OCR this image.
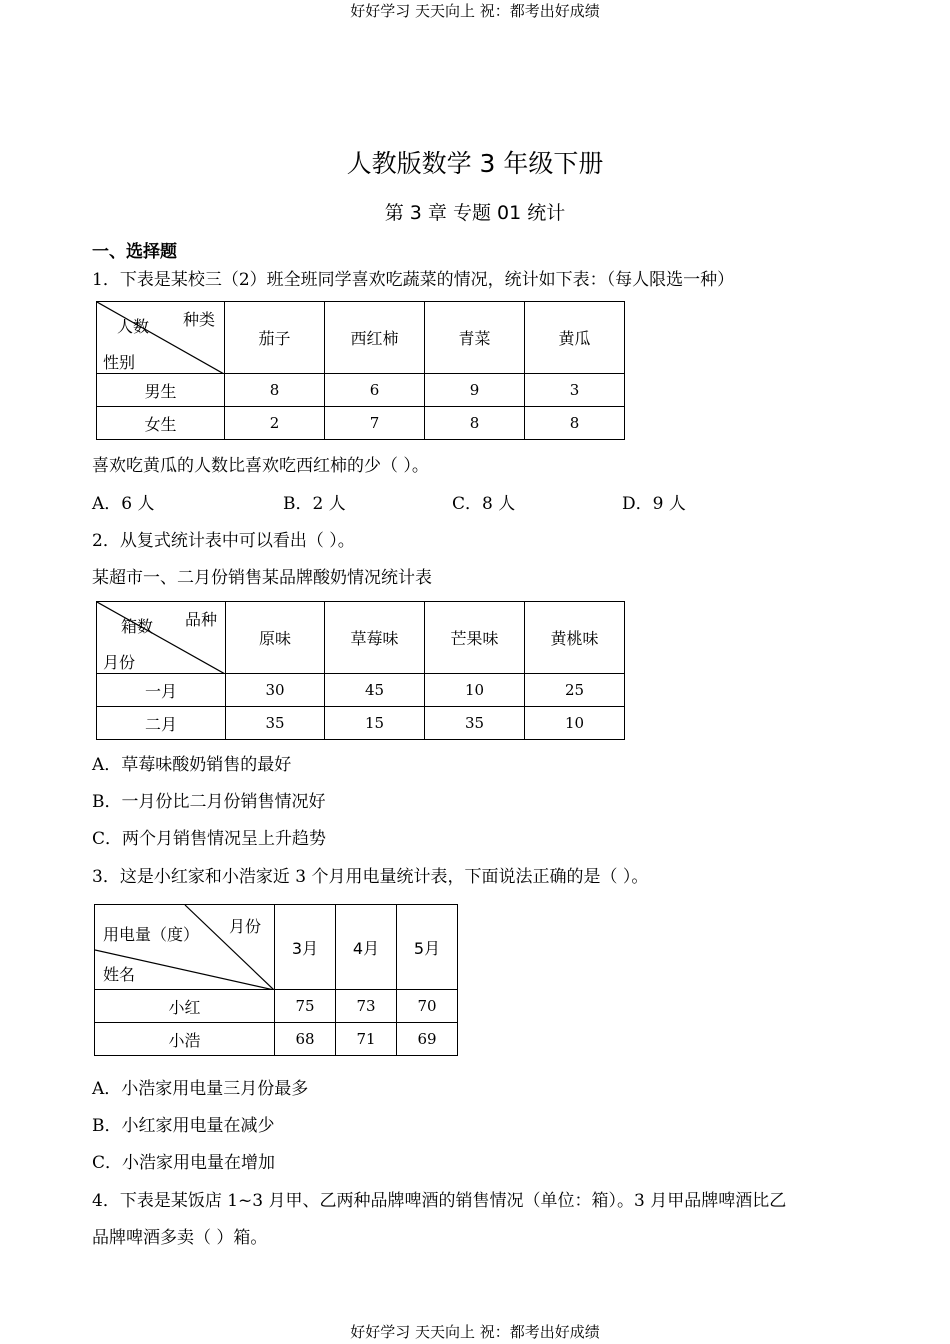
好好学习 天天向上 祝：都考出好成绩

好好学习 天天向上 祝：都考出好成绩

人教版数学 3 年级下册

第 3 章 专题 01 统计

一、选择题

1．下表是某校三（2）班全班同学喜欢吃蔬菜的情况，统计如下表：（每人限选一种）

种类
人数
性别	茄子	西红柿	青菜	黄瓜
男生	8	6	9	3
女生	2	7	8	8

喜欢吃黄瓜的人数比喜欢吃西红柿的少（ ）。

A．6 人	B．2 人	C．8 人	D．9 人

2．从复式统计表中可以看出（ ）。

某超市一、二月份销售某品牌酸奶情况统计表

品种
箱数
月份	原味	草莓味	芒果味	黄桃味
一月	30	45	10	25
二月	35	15	35	10

A．草莓味酸奶销售的最好

B．一月份比二月份销售情况好

C．两个月销售情况呈上升趋势

3．这是小红家和小浩家近 3 个月用电量统计表，下面说法正确的是（ ）。

月份
用电量（度）
姓名	3月	4月	5月
小红	75	73	70
小浩	68	71	69

A．小浩家用电量三月份最多

B．小红家用电量在减少

C．小浩家用电量在增加

4．下表是某饭店 1~3 月甲、乙两种品牌啤酒的销售情况（单位：箱）。3 月甲品牌啤酒比乙

品牌啤酒多卖（ ）箱。
